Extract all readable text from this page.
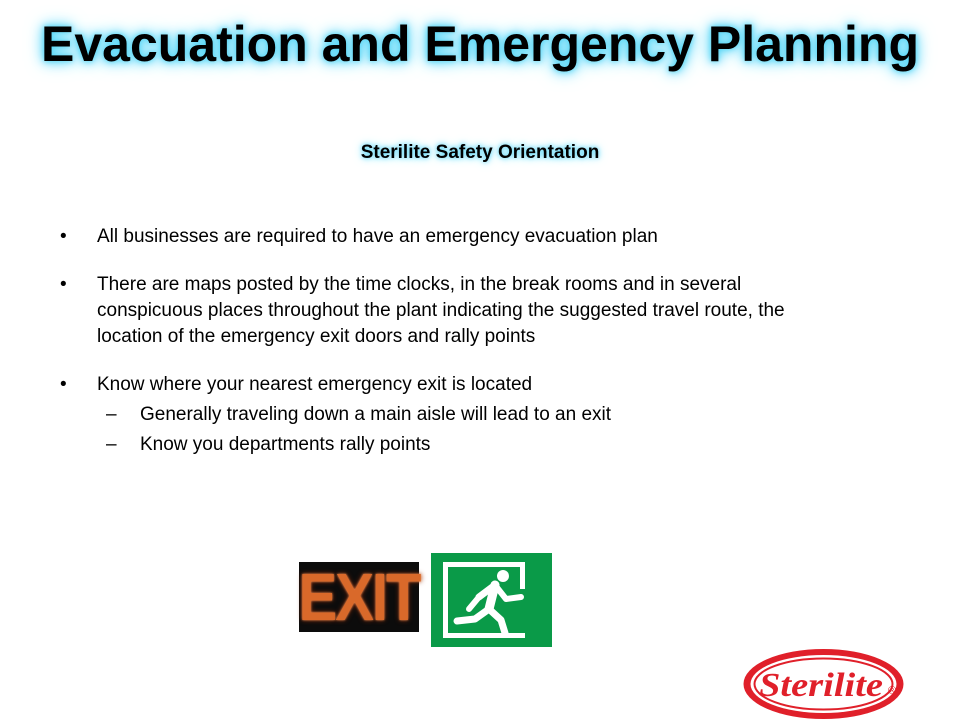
Evacuation and Emergency Planning
Sterilite Safety Orientation
• All businesses are required to have an emergency evacuation plan
• There are maps posted by the time clocks, in the break rooms and in several conspicuous places throughout the plant indicating the suggested travel route, the location of the emergency exit doors and rally points
• Know where your nearest emergency exit is located
– Generally traveling down a main aisle will lead to an exit
– Know you departments rally points
EXIT
Sterilite ®
